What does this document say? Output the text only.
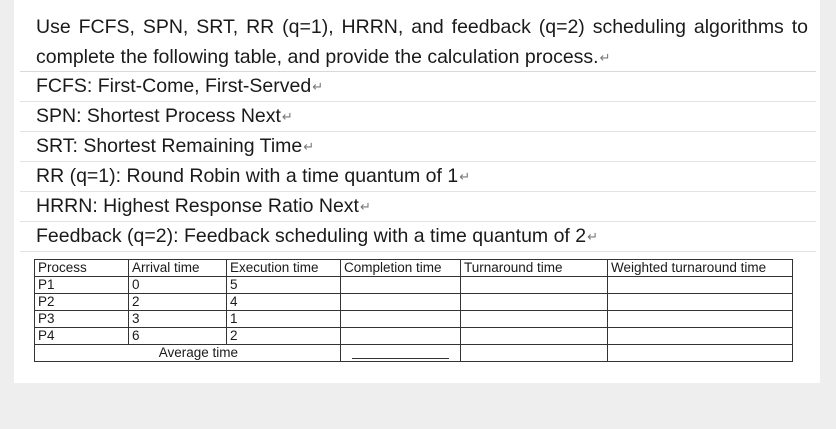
Use FCFS, SPN, SRT, RR (q=1), HRRN, and feedback (q=2) scheduling algorithms to complete the following table, and provide the calculation process.↵
FCFS: First-Come, First-Served↵
SPN: Shortest Process Next↵
SRT: Shortest Remaining Time↵
RR (q=1): Round Robin with a time quantum of 1↵
HRRN: Highest Response Ratio Next↵
Feedback (q=2): Feedback scheduling with a time quantum of 2↵
Process	Arrival time	Execution time	Completion time	Turnaround time	Weighted turnaround time
P1	0	5			
P2	2	4			
P3	3	1			
P4	6	2			
Average time			
